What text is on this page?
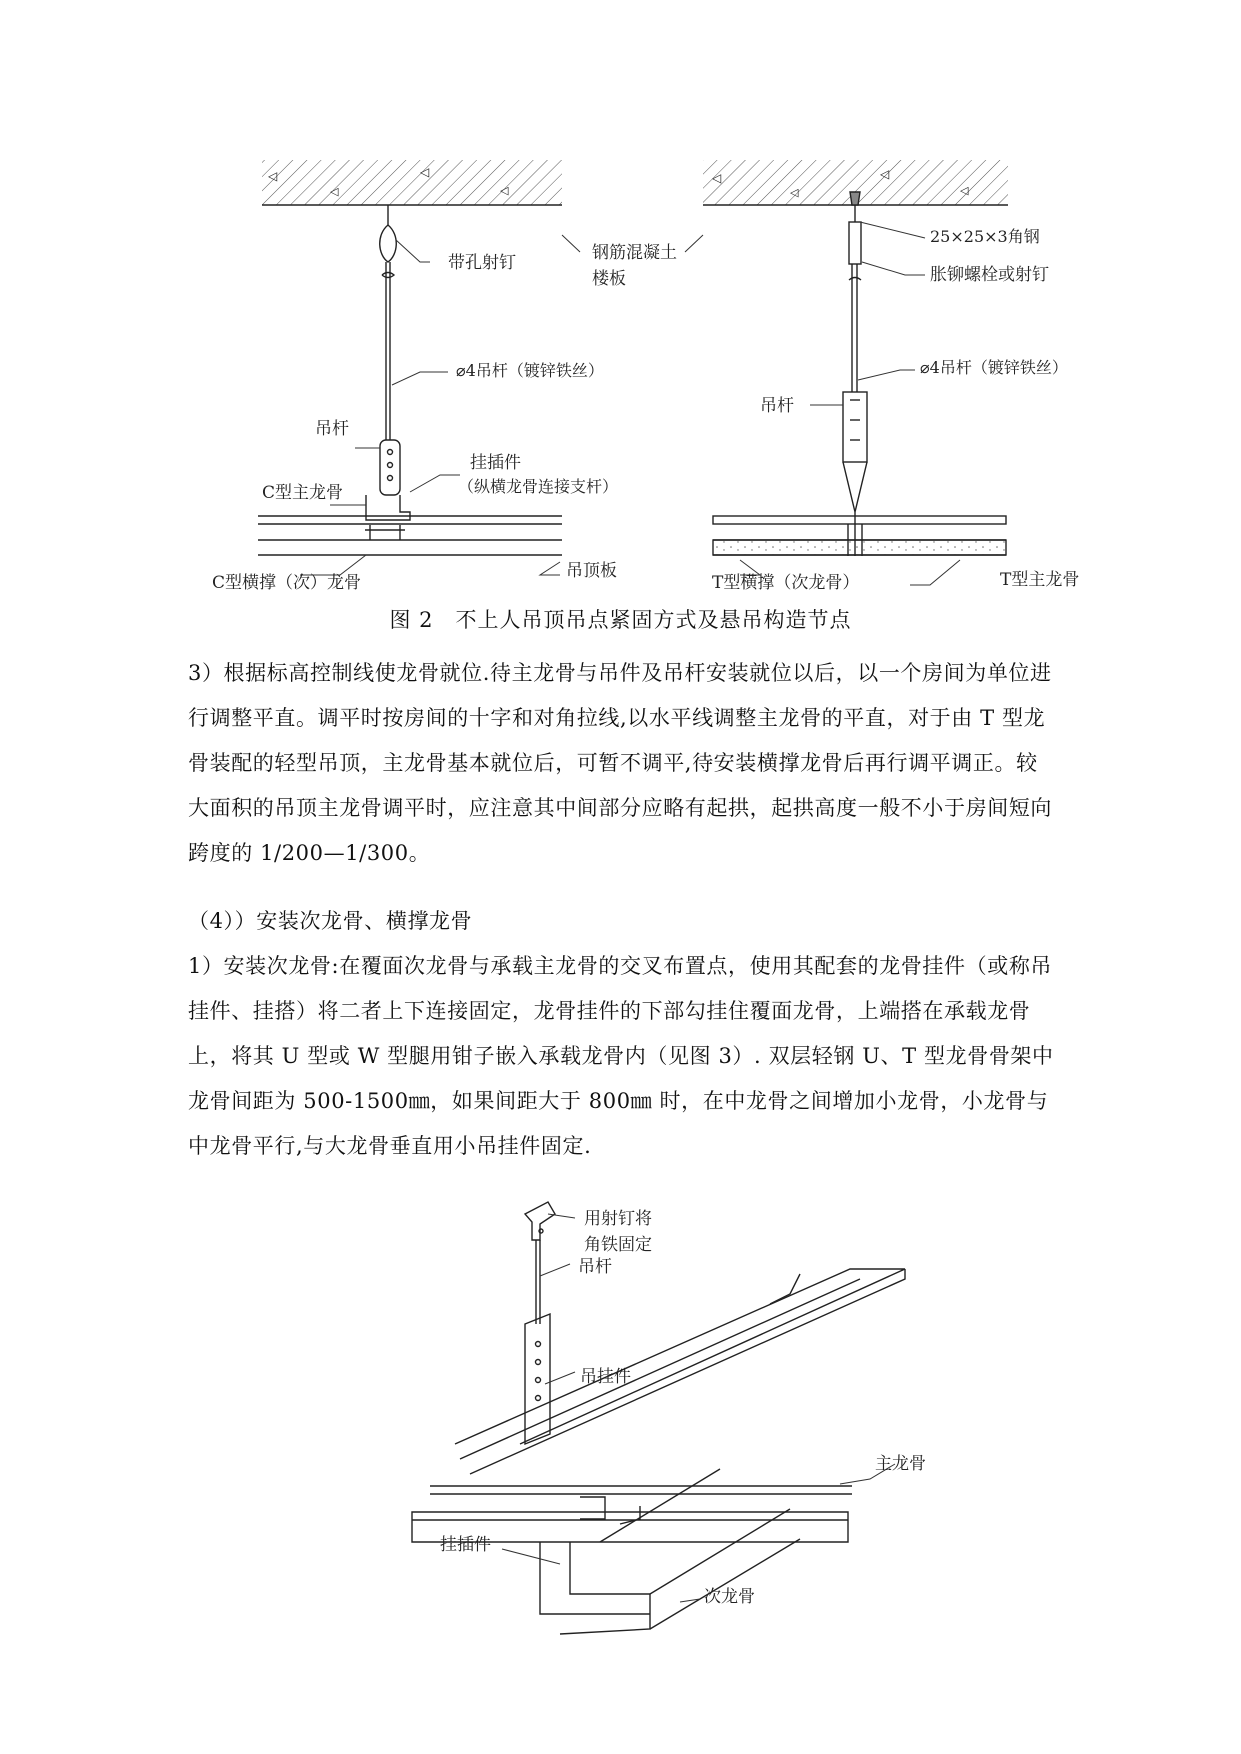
◁
◁
◁
◁
◁
◁
◁
◁
带孔射钉	钢筋混凝土
楼板
⌀4吊杆（镀锌铁丝）
吊杆
挂插件
（纵横龙骨连接支杆）
C型主龙骨
C型横撑（次）龙骨
吊顶板
T型横撑（次龙骨）	T型主龙骨
25×25×3角钢
胀铆螺栓或射钉
⌀4吊杆（镀锌铁丝）
吊杆
图 2　不上人吊顶吊点紧固方式及悬吊构造节点

3）根据标高控制线使龙骨就位.待主龙骨与吊件及吊杆安装就位以后，以一个房间为单位进行调整平直。调平时按房间的十字和对角拉线,以水平线调整主龙骨的平直，对于由 T 型龙骨装配的轻型吊顶，主龙骨基本就位后，可暂不调平,待安装横撑龙骨后再行调平调正。较大面积的吊顶主龙骨调平时，应注意其中间部分应略有起拱，起拱高度一般不小于房间短向跨度的 1/200—1/300。

（4））安装次龙骨、横撑龙骨

1）安装次龙骨:在覆面次龙骨与承载主龙骨的交叉布置点，使用其配套的龙骨挂件（或称吊挂件、挂搭）将二者上下连接固定，龙骨挂件的下部勾挂住覆面龙骨，上端搭在承载龙骨上，将其 U 型或 W 型腿用钳子嵌入承载龙骨内（见图 3）. 双层轻钢 U、T 型龙骨骨架中龙骨间距为 500-1500㎜，如果间距大于 800㎜ 时，在中龙骨之间增加小龙骨，小龙骨与中龙骨平行,与大龙骨垂直用小吊挂件固定.

用射钉将
角铁固定
吊杆
吊挂件
主龙骨
挂插件
次龙骨
